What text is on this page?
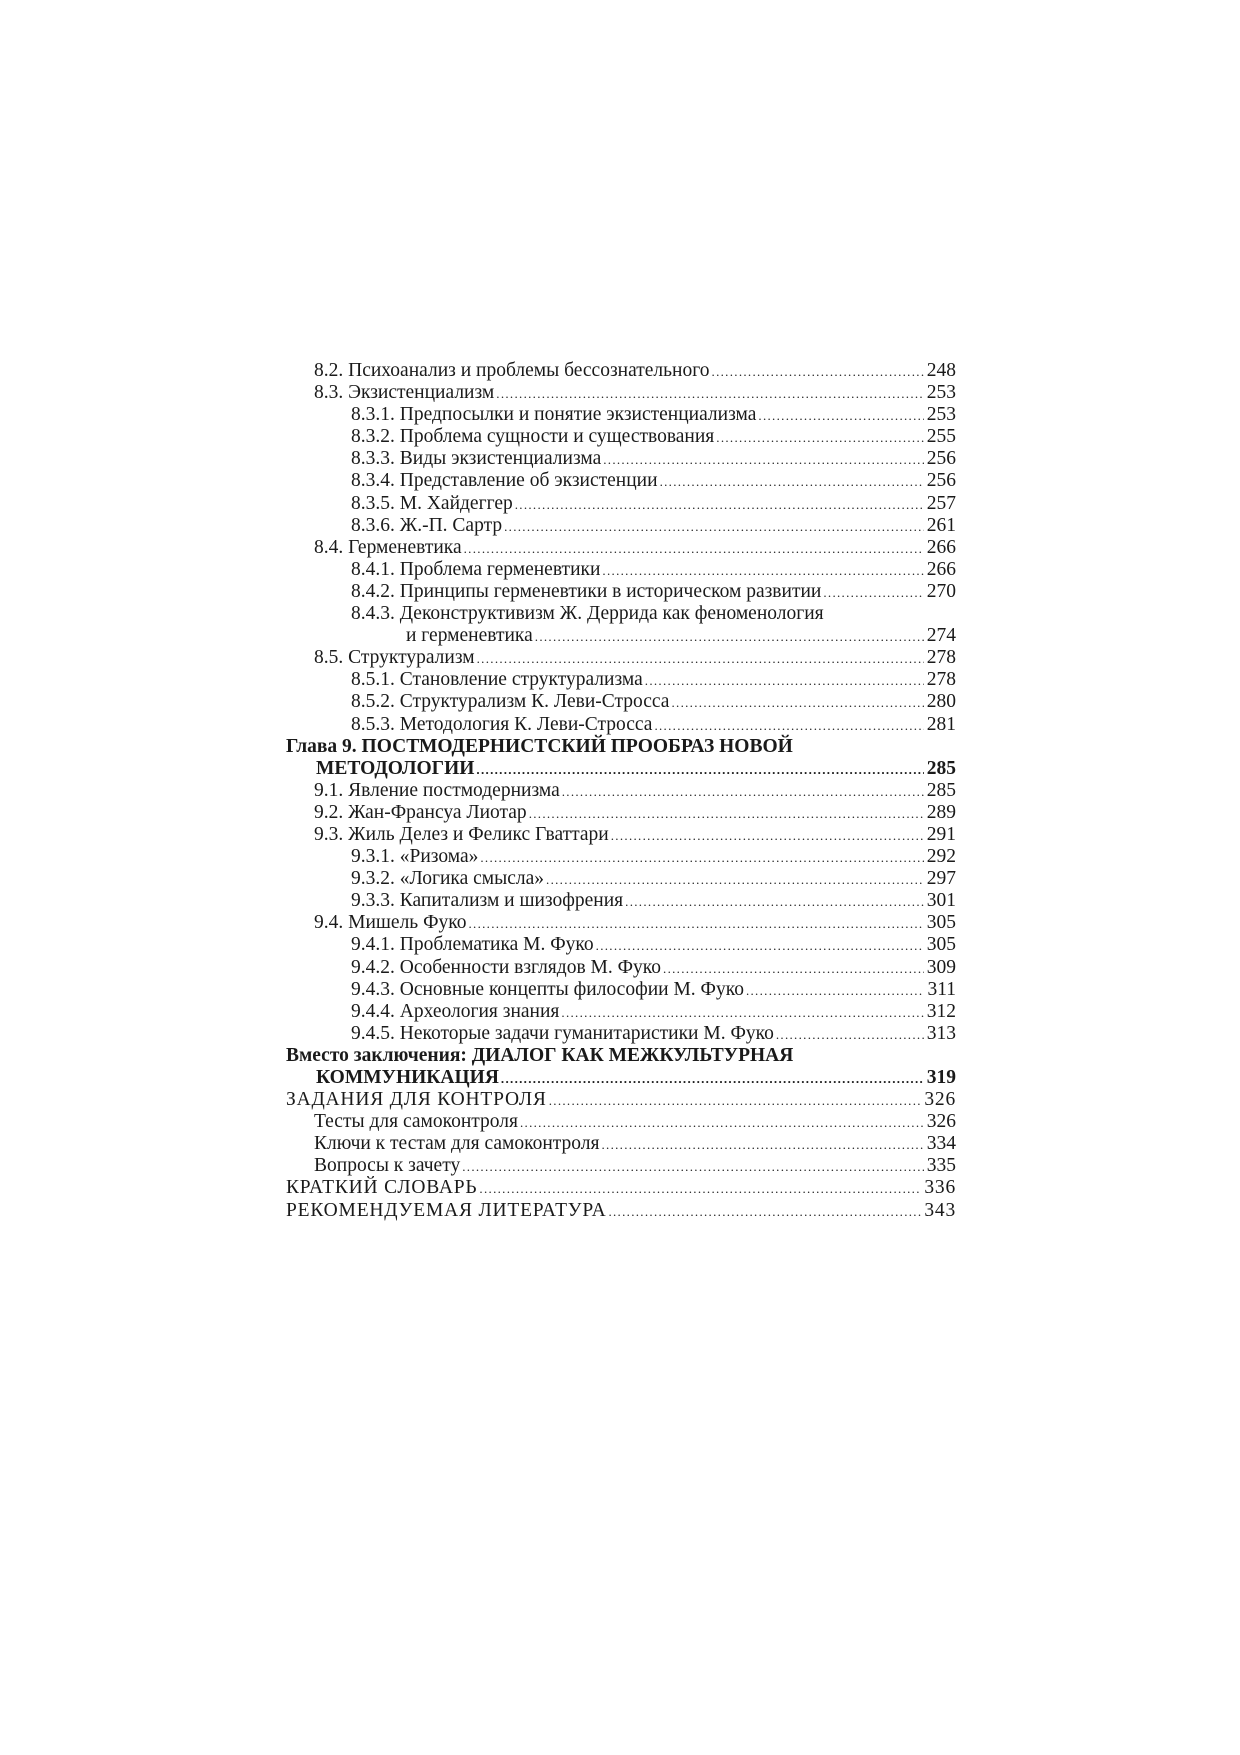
8.2. Психоанализ и проблемы бессознательного .....	248
8.3. Экзистенциализм .....	253
8.3.1. Предпосылки и понятие экзистенциализма .....	253
8.3.2. Проблема сущности и существования .....	255
8.3.3. Виды экзистенциализма .....	256
8.3.4. Представление об экзистенции .....	256
8.3.5. М. Хайдеггер .....	257
8.3.6. Ж.-П. Сартр .....	261
8.4. Герменевтика .....	266
8.4.1. Проблема герменевтики .....	266
8.4.2. Принципы герменевтики в историческом развитии .....	270
8.4.3. Деконструктивизм Ж. Деррида как феноменология
и герменевтика .....	274
8.5. Структурализм .....	278
8.5.1. Становление структурализма .....	278
8.5.2. Структурализм К. Леви-Стросса .....	280
8.5.3. Методология К. Леви-Стросса .....	281
Глава 9. ПОСТМОДЕРНИСТСКИЙ ПРООБРАЗ НОВОЙ
МЕТОДОЛОГИИ .....	285
9.1. Явление постмодернизма .....	285
9.2. Жан-Франсуа Лиотар .....	289
9.3. Жиль Делез и Феликс Гваттари .....	291
9.3.1. «Ризома» .....	292
9.3.2. «Логика смысла» .....	297
9.3.3. Капитализм и шизофрения .....	301
9.4. Мишель Фуко .....	305
9.4.1. Проблематика М. Фуко .....	305
9.4.2. Особенности взглядов М. Фуко .....	309
9.4.3. Основные концепты философии М. Фуко .....	311
9.4.4. Археология знания .....	312
9.4.5. Некоторые задачи гуманитаристики М. Фуко .....	313
Вместо заключения: ДИАЛОГ КАК МЕЖКУЛЬТУРНАЯ
КОММУНИКАЦИЯ .....	319
ЗАДАНИЯ ДЛЯ КОНТРОЛЯ .....	326
Тесты для самоконтроля .....	326
Ключи к тестам для самоконтроля .....	334
Вопросы к зачету .....	335
КРАТКИЙ СЛОВАРЬ .....	336
РЕКОМЕНДУЕМАЯ ЛИТЕРАТУРА .....	343
